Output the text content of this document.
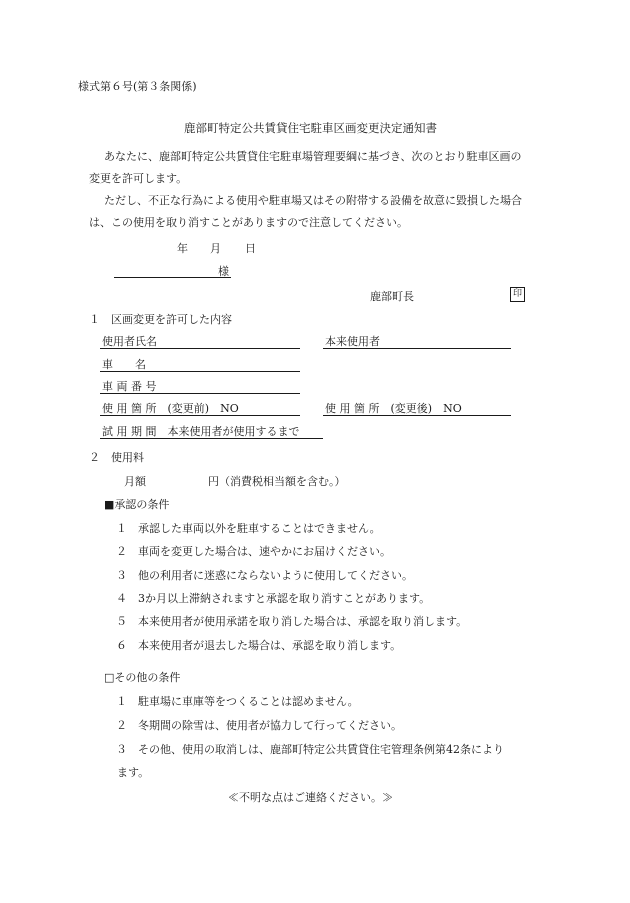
様式第６号(第３条関係)
鹿部町特定公共賃貸住宅駐車区画変更決定通知書
あなたに、鹿部町特定公共賃貸住宅駐車場管理要綱に基づき、次のとおり駐車区画の
変更を許可します。
ただし、不正な行為による使用や駐車場又はその附帯する設備を故意に毀損した場合
は、この使用を取り消すことがありますので注意してください。
年 月 日
様
鹿部町長	印
１　区画変更を許可した内容
使用者氏名	本来使用者
車　　名
車 両 番 号
使 用 箇 所　(変更前)　NO	使 用 箇 所　(変更後)　NO
試 用 期 間　本来使用者が使用するまで
２　使用料
月額	円（消費税相当額を含む。）
■承認の条件
１　承認した車両以外を駐車することはできません。
２　車両を変更した場合は、速やかにお届けください。
３　他の利用者に迷惑にならないように使用してください。
４　3か月以上滞納されますと承認を取り消すことがあります。
５　本来使用者が使用承諾を取り消した場合は、承認を取り消します。
６　本来使用者が退去した場合は、承認を取り消します。
□その他の条件
１　駐車場に車庫等をつくることは認めません。
２　冬期間の除雪は、使用者が協力して行ってください。
３　その他、使用の取消しは、鹿部町特定公共賃貸住宅管理条例第42条により
ます。
≪不明な点はご連絡ください。≫
